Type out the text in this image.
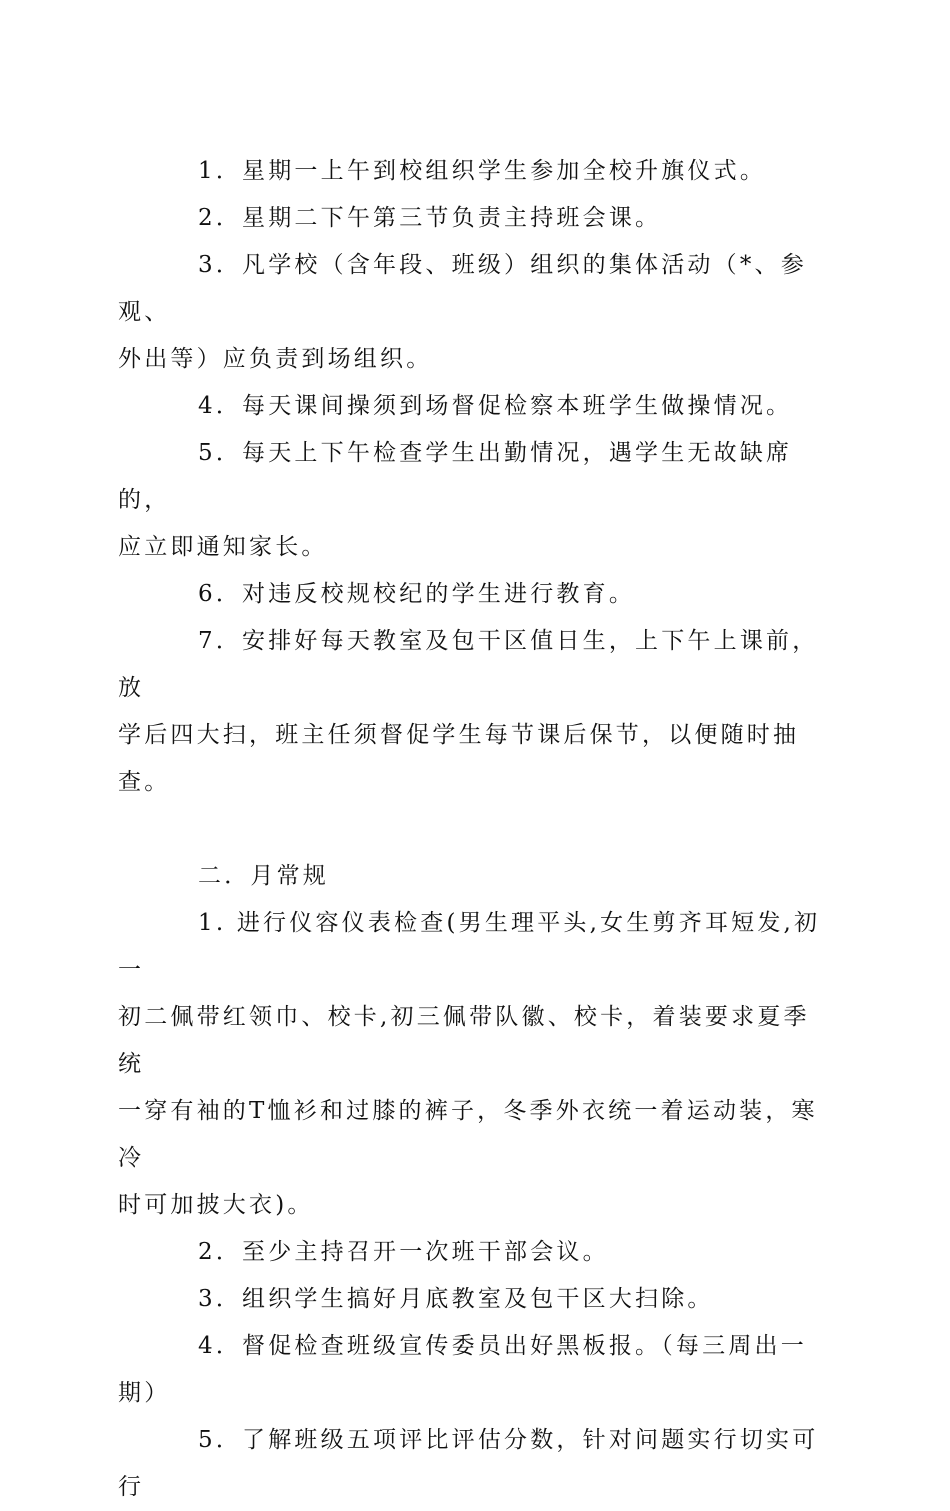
1．星期一上午到校组织学生参加全校升旗仪式。

2．星期二下午第三节负责主持班会课。

3．凡学校（含年段、班级）组织的集体活动（*、参观、
外出等）应负责到场组织。

4．每天课间操须到场督促检察本班学生做操情况。

5．每天上下午检查学生出勤情况，遇学生无故缺席的，
应立即通知家长。

6．对违反校规校纪的学生进行教育。

7．安排好每天教室及包干区值日生，上下午上课前，放
学后四大扫，班主任须督促学生每节课后保节，以便随时抽查。

二．月常规

1. 进行仪容仪表检查(男生理平头,女生剪齐耳短发,初一
初二佩带红领巾、校卡,初三佩带队徽、校卡，着装要求夏季统
一穿有袖的T恤衫和过膝的裤子，冬季外衣统一着运动装，寒冷
时可加披大衣)。

2．至少主持召开一次班干部会议。

3．组织学生搞好月底教室及包干区大扫除。

4．督促检查班级宣传委员出好黑板报。（每三周出一
期）

5．了解班级五项评比评估分数，针对问题实行切实可行
